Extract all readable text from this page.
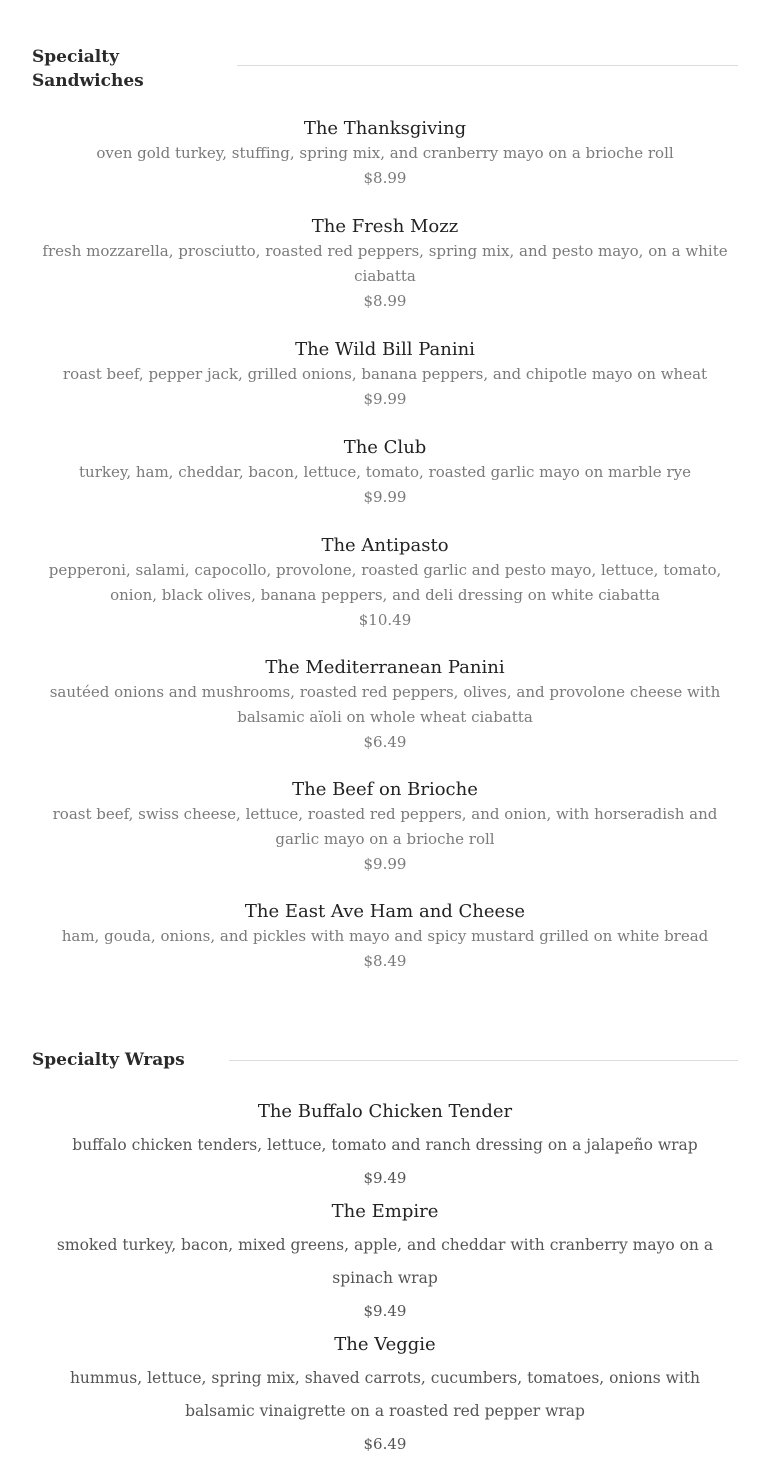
Specialty
Sandwiches
The Thanksgiving
oven gold turkey, stuffing, spring mix, and cranberry mayo on a brioche roll
$8.99
The Fresh Mozz
fresh mozzarella, prosciutto, roasted red peppers, spring mix, and pesto mayo, on a white ciabatta
$8.99
The Wild Bill Panini
roast beef, pepper jack, grilled onions, banana peppers, and chipotle mayo on wheat
$9.99
The Club
turkey, ham, cheddar, bacon, lettuce, tomato, roasted garlic mayo on marble rye
$9.99
The Antipasto
pepperoni, salami, capocollo, provolone, roasted garlic and pesto mayo, lettuce, tomato, onion, black olives, banana peppers, and deli dressing on white ciabatta
$10.49
The Mediterranean Panini
sautéed onions and mushrooms, roasted red peppers, olives, and provolone cheese with balsamic aïoli on whole wheat ciabatta
$6.49
The Beef on Brioche
roast beef, swiss cheese, lettuce, roasted red peppers, and onion, with horseradish and garlic mayo on a brioche roll
$9.99
The East Ave Ham and Cheese
ham, gouda, onions, and pickles with mayo and spicy mustard grilled on white bread
$8.49
Specialty Wraps
The Buffalo Chicken Tender
buffalo chicken tenders, lettuce, tomato and ranch dressing on a jalapeño wrap
$9.49
The Empire
smoked turkey, bacon, mixed greens, apple, and cheddar with cranberry mayo on a spinach wrap
$9.49
The Veggie
hummus, lettuce, spring mix, shaved carrots, cucumbers, tomatoes, onions with balsamic vinaigrette on a roasted red pepper wrap
$6.49
